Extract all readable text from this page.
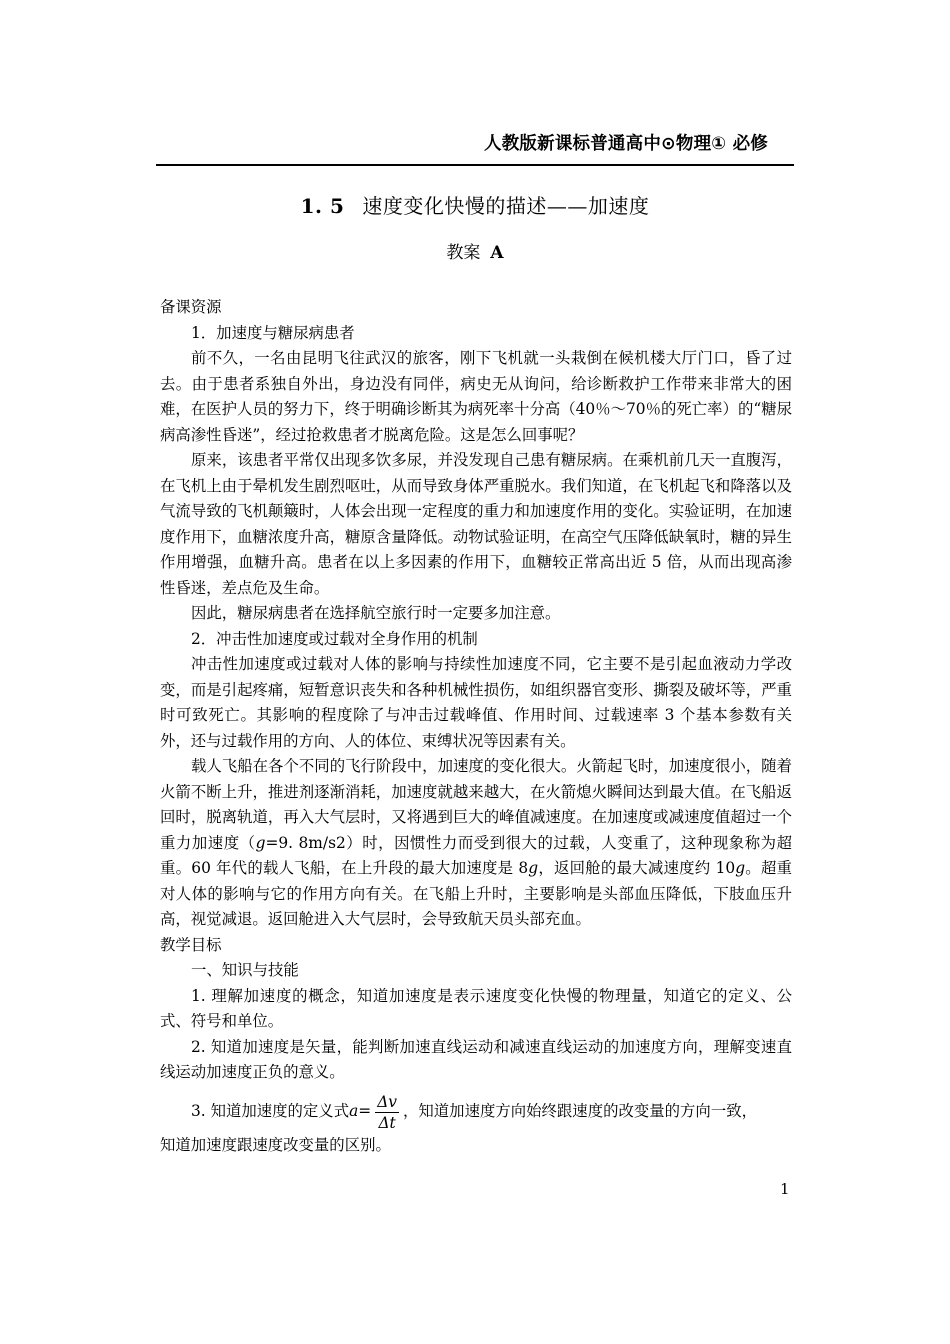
人教版新课标普通高中⊙物理① 必修
1. 5 速度变化快慢的描述——加速度
教案 A

备课资源

1．加速度与糖尿病患者

前不久，一名由昆明飞往武汉的旅客，刚下飞机就一头栽倒在候机楼大厅门口，昏了过去。由于患者系独自外出，身边没有同伴，病史无从询问，给诊断救护工作带来非常大的困难，在医护人员的努力下，终于明确诊断其为病死率十分高（40％～70％的死亡率）的“糖尿病高渗性昏迷”，经过抢救患者才脱离危险。这是怎么回事呢？

原来，该患者平常仅出现多饮多尿，并没发现自己患有糖尿病。在乘机前几天一直腹泻，在飞机上由于晕机发生剧烈呕吐，从而导致身体严重脱水。我们知道，在飞机起飞和降落以及气流导致的飞机颠簸时，人体会出现一定程度的重力和加速度作用的变化。实验证明，在加速度作用下，血糖浓度升高，糖原含量降低。动物试验证明，在高空气压降低缺氧时，糖的异生作用增强，血糖升高。患者在以上多因素的作用下，血糖较正常高出近 5 倍，从而出现高渗性昏迷，差点危及生命。

因此，糖尿病患者在选择航空旅行时一定要多加注意。

2．冲击性加速度或过载对全身作用的机制

冲击性加速度或过载对人体的影响与持续性加速度不同，它主要不是引起血液动力学改变，而是引起疼痛，短暂意识丧失和各种机械性损伤，如组织器官变形、撕裂及破坏等，严重时可致死亡。其影响的程度除了与冲击过载峰值、作用时间、过载速率 3 个基本参数有关外，还与过载作用的方向、人的体位、束缚状况等因素有关。

载人飞船在各个不同的飞行阶段中，加速度的变化很大。火箭起飞时，加速度很小，随着火箭不断上升，推进剂逐渐消耗，加速度就越来越大，在火箭熄火瞬间达到最大值。在飞船返回时，脱离轨道，再入大气层时，又将遇到巨大的峰值减速度。在加速度或减速度值超过一个重力加速度（g=9. 8m/s2）时，因惯性力而受到很大的过载，人变重了，这种现象称为超重。60 年代的载人飞船，在上升段的最大加速度是 8g，返回舱的最大减速度约 10g。超重对人体的影响与它的作用方向有关。在飞船上升时，主要影响是头部血压降低，下肢血压升高，视觉减退。返回舱进入大气层时，会导致航天员头部充血。

教学目标

一、知识与技能

1. 理解加速度的概念，知道加速度是表示速度变化快慢的物理量，知道它的定义、公式、符号和单位。

2. 知道加速度是矢量，能判断加速直线运动和减速直线运动的加速度方向，理解变速直线运动加速度正负的意义。

3. 知道加速度的定义式 $a = \frac{\Delta v}{\Delta t}$ ，知道加速度方向始终跟速度的改变量的方向一致，

知道加速度跟速度改变量的区别。

1
